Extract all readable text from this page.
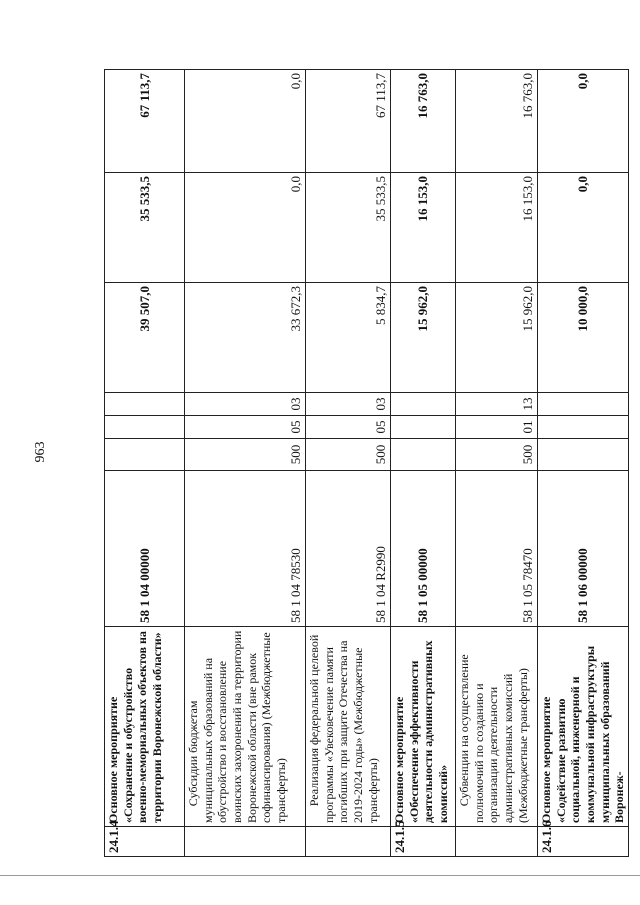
963
24.1.4	Основное мероприятие «Сохранение и обустройство военно-мемориальных объектов на территории Воронежской области»	58 1 04 00000				39 507,0	35 533,5	67 113,7
	Субсидии бюджетам муниципальных образований на обустройство и восстановление воинских захоронений на территории Воронежской области (вне рамок софинансирования) (Межбюджетные трансферты)	58 1 04 78530	500	05	03	33 672,3	0,0	0,0
	Реализация федеральной целевой программы «Увековечение памяти погибших при защите Отечества на 2019-2024 годы» (Межбюджетные трансферты)	58 1 04 R2990	500	05	03	5 834,7	35 533,5	67 113,7
24.1.5	Основное мероприятие «Обеспечение эффективности деятельности административных комиссий»	58 1 05 00000				15 962,0	16 153,0	16 763,0
	Субвенции на осуществление полномочий по созданию и организации деятельности административных комиссий (Межбюджетные трансферты)	58 1 05 78470	500	01	13	15 962,0	16 153,0	16 763,0
24.1.6	Основное мероприятие «Содействие развитию социальной, инженерной и коммунальной инфраструктуры муниципальных образований Воронеж-	58 1 06 00000				10 000,0	0,0	0,0
